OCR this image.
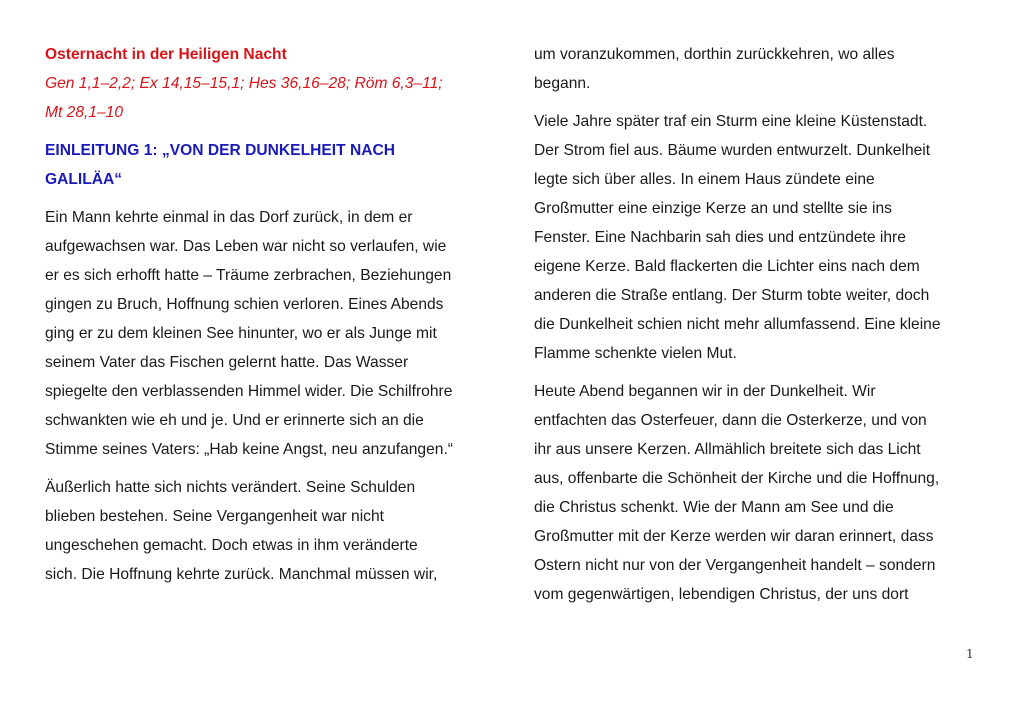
Osternacht in der Heiligen Nacht
Gen 1,1–2,2; Ex 14,15–15,1; Hes 36,16–28; Röm 6,3–11;
Mt 28,1–10
EINLEITUNG 1: „VON DER DUNKELHEIT NACH
GALILÄA“

Ein Mann kehrte einmal in das Dorf zurück, in dem er
aufgewachsen war. Das Leben war nicht so verlaufen, wie
er es sich erhofft hatte – Träume zerbrachen, Beziehungen
gingen zu Bruch, Hoffnung schien verloren. Eines Abends
ging er zu dem kleinen See hinunter, wo er als Junge mit
seinem Vater das Fischen gelernt hatte. Das Wasser
spiegelte den verblassenden Himmel wider. Die Schilfrohre
schwankten wie eh und je. Und er erinnerte sich an die
Stimme seines Vaters: „Hab keine Angst, neu anzufangen.“

Äußerlich hatte sich nichts verändert. Seine Schulden
blieben bestehen. Seine Vergangenheit war nicht
ungeschehen gemacht. Doch etwas in ihm veränderte
sich. Die Hoffnung kehrte zurück. Manchmal müssen wir,

um voranzukommen, dorthin zurückkehren, wo alles
begann.

Viele Jahre später traf ein Sturm eine kleine Küstenstadt.
Der Strom fiel aus. Bäume wurden entwurzelt. Dunkelheit
legte sich über alles. In einem Haus zündete eine
Großmutter eine einzige Kerze an und stellte sie ins
Fenster. Eine Nachbarin sah dies und entzündete ihre
eigene Kerze. Bald flackerten die Lichter eins nach dem
anderen die Straße entlang. Der Sturm tobte weiter, doch
die Dunkelheit schien nicht mehr allumfassend. Eine kleine
Flamme schenkte vielen Mut.

Heute Abend begannen wir in der Dunkelheit. Wir
entfachten das Osterfeuer, dann die Osterkerze, und von
ihr aus unsere Kerzen. Allmählich breitete sich das Licht
aus, offenbarte die Schönheit der Kirche und die Hoffnung,
die Christus schenkt. Wie der Mann am See und die
Großmutter mit der Kerze werden wir daran erinnert, dass
Ostern nicht nur von der Vergangenheit handelt – sondern
vom gegenwärtigen, lebendigen Christus, der uns dort

1
